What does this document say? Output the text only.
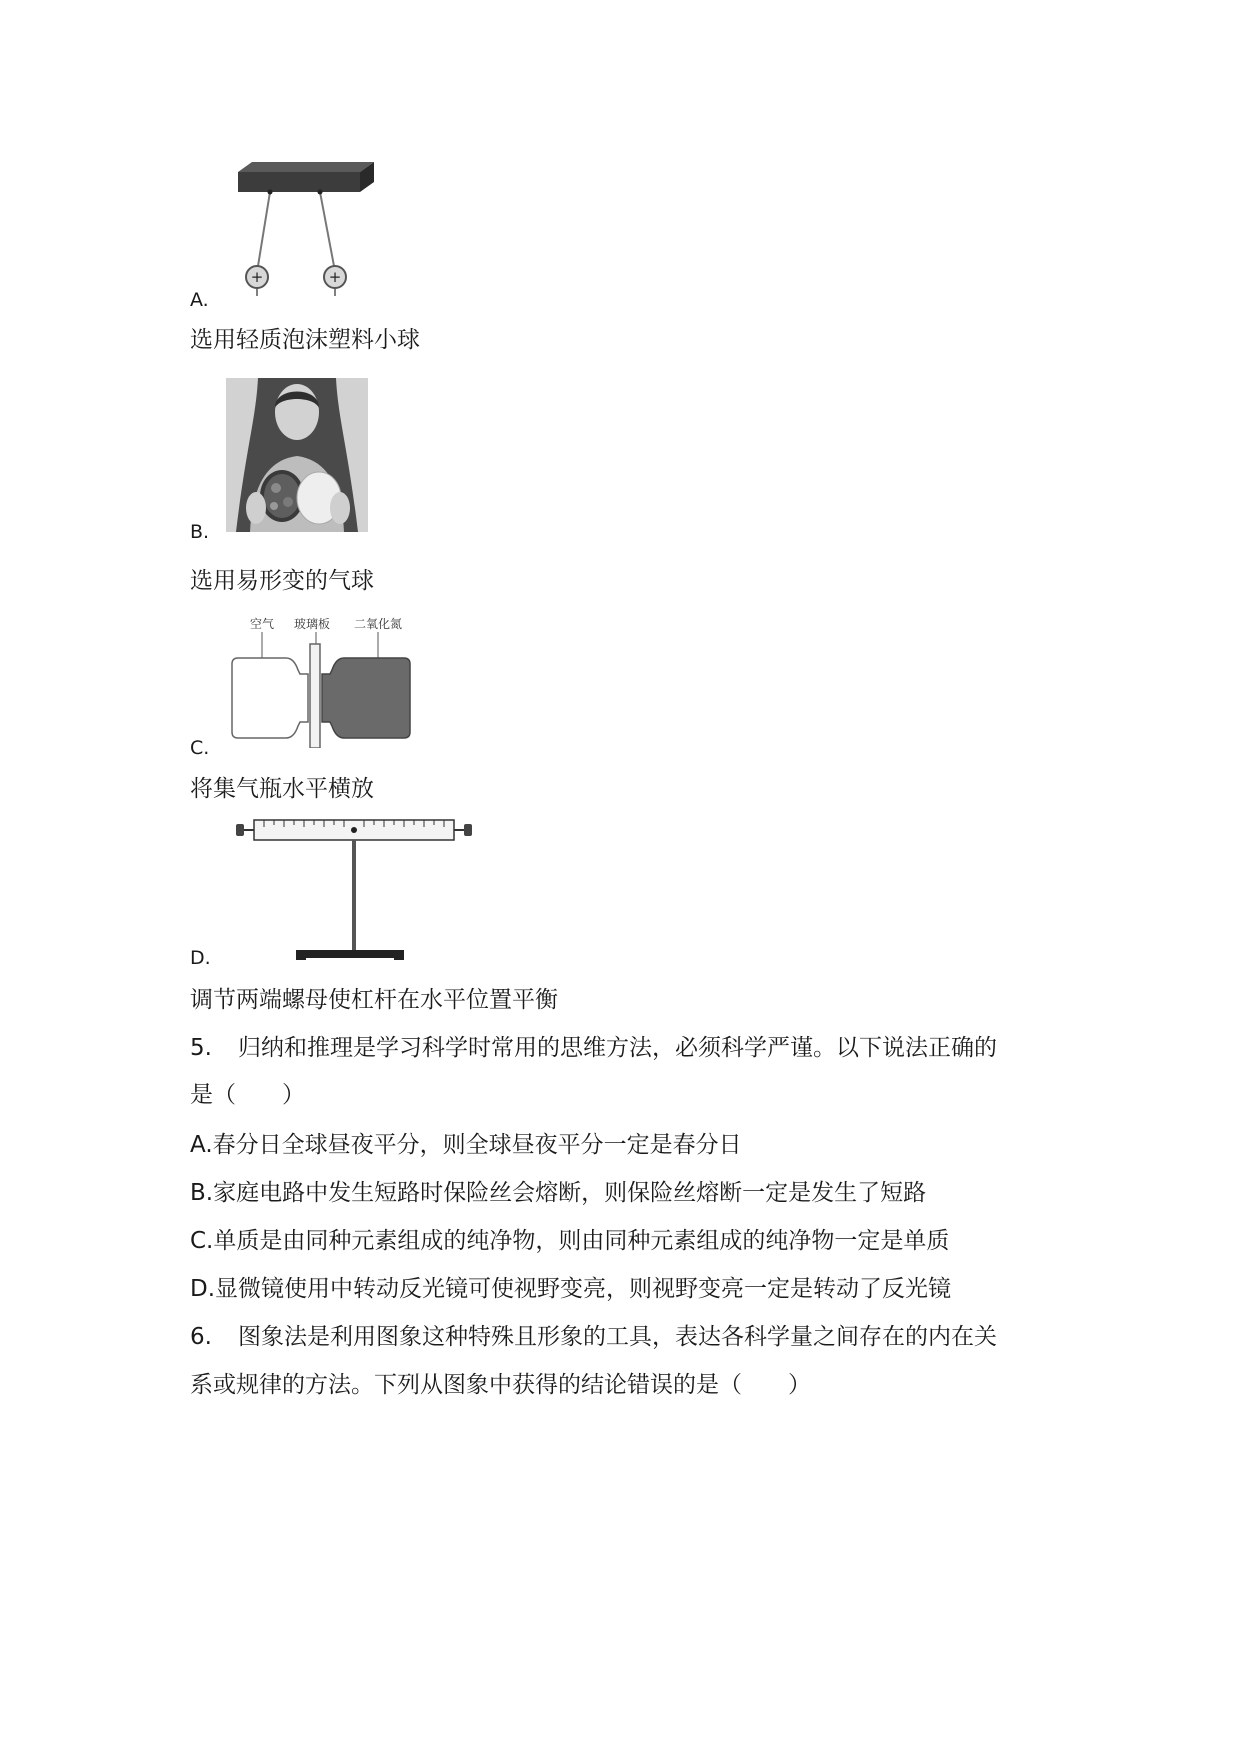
+	+
A.
选用轻质泡沫塑料小球
B.
选用易形变的气球
空气 玻璃板 二氧化氮
C.
将集气瓶水平横放
D.
调节两端螺母使杠杆在水平位置平衡
5. 归纳和推理是学习科学时常用的思维方法，必须科学严谨。以下说法正确的
是（　　）
A.春分日全球昼夜平分，则全球昼夜平分一定是春分日
B.家庭电路中发生短路时保险丝会熔断，则保险丝熔断一定是发生了短路
C.单质是由同种元素组成的纯净物，则由同种元素组成的纯净物一定是单质
D.显微镜使用中转动反光镜可使视野变亮，则视野变亮一定是转动了反光镜
6. 图象法是利用图象这种特殊且形象的工具，表达各科学量之间存在的内在关
系或规律的方法。下列从图象中获得的结论错误的是（　　）
